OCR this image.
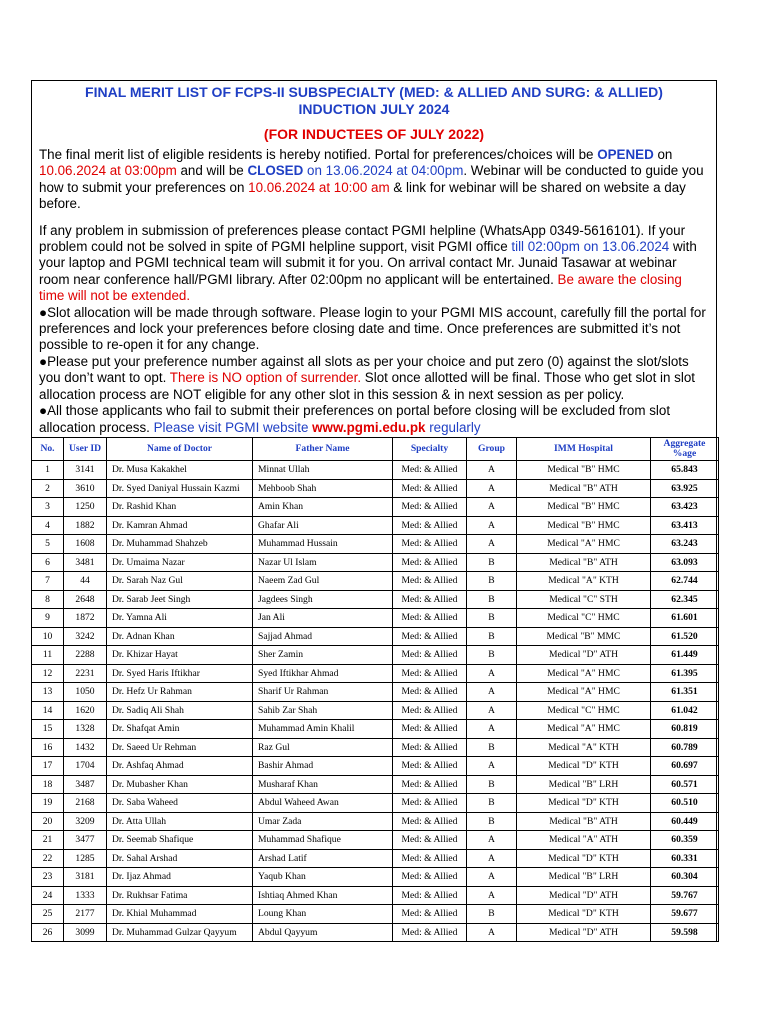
FINAL MERIT LIST OF FCPS-II SUBSPECIALTY (MED: & ALLIED AND SURG: & ALLIED)
INDUCTION JULY 2024
(FOR INDUCTEES OF JULY 2022)
The final merit list of eligible residents is hereby notified. Portal for preferences/choices will be OPENED on 10.06.2024 at 03:00pm and will be CLOSED on 13.06.2024 at 04:00pm. Webinar will be conducted to guide you how to submit your preferences on 10.06.2024 at 10:00 am & link for webinar will be shared on website a day before.
If any problem in submission of preferences please contact PGMI helpline (WhatsApp 0349-5616101). If your problem could not be solved in spite of PGMI helpline support, visit PGMI office till 02:00pm on 13.06.2024 with your laptop and PGMI technical team will submit it for you. On arrival contact Mr. Junaid Tasawar at webinar room near conference hall/PGMI library. After 02:00pm no applicant will be entertained. Be aware the closing time will not be extended.
●Slot allocation will be made through software. Please login to your PGMI MIS account, carefully fill the portal for preferences and lock your preferences before closing date and time. Once preferences are submitted it’s not possible to re-open it for any change.
●Please put your preference number against all slots as per your choice and put zero (0) against the slot/slots you don’t want to opt. There is NO option of surrender. Slot once allotted will be final. Those who get slot in slot allocation process are NOT eligible for any other slot in this session & in next session as per policy.
●All those applicants who fail to submit their preferences on portal before closing will be excluded from slot allocation process. Please visit PGMI website www.pgmi.edu.pk regularly
No.	User ID	Name of Doctor	Father Name	Specialty	Group	IMM Hospital	Aggregate %age
1	3141	Dr. Musa Kakakhel	Minnat Ullah	Med: & Allied	A	Medical "B" HMC	65.843
2	3610	Dr. Syed Daniyal Hussain Kazmi	Mehboob Shah	Med: & Allied	A	Medical "B" ATH	63.925
3	1250	Dr. Rashid Khan	Amin Khan	Med: & Allied	A	Medical "B" HMC	63.423
4	1882	Dr. Kamran Ahmad	Ghafar Ali	Med: & Allied	A	Medical "B" HMC	63.413
5	1608	Dr. Muhammad Shahzeb	Muhammad Hussain	Med: & Allied	A	Medical "A" HMC	63.243
6	3481	Dr. Umaima Nazar	Nazar Ul Islam	Med: & Allied	B	Medical "B" ATH	63.093
7	44	Dr. Sarah Naz Gul	Naeem Zad Gul	Med: & Allied	B	Medical "A" KTH	62.744
8	2648	Dr. Sarab Jeet Singh	Jagdees Singh	Med: & Allied	B	Medical "C" STH	62.345
9	1872	Dr. Yamna Ali	Jan Ali	Med: & Allied	B	Medical "C" HMC	61.601
10	3242	Dr. Adnan Khan	Sajjad Ahmad	Med: & Allied	B	Medical "B" MMC	61.520
11	2288	Dr. Khizar Hayat	Sher Zamin	Med: & Allied	B	Medical "D" ATH	61.449
12	2231	Dr. Syed Haris Iftikhar	Syed Iftikhar Ahmad	Med: & Allied	A	Medical "A" HMC	61.395
13	1050	Dr. Hefz Ur Rahman	Sharif Ur Rahman	Med: & Allied	A	Medical "A" HMC	61.351
14	1620	Dr. Sadiq Ali Shah	Sahib Zar Shah	Med: & Allied	A	Medical "C" HMC	61.042
15	1328	Dr. Shafqat Amin	Muhammad Amin Khalil	Med: & Allied	A	Medical "A" HMC	60.819
16	1432	Dr. Saeed Ur Rehman	Raz Gul	Med: & Allied	B	Medical "A" KTH	60.789
17	1704	Dr. Ashfaq Ahmad	Bashir Ahmad	Med: & Allied	A	Medical "D" KTH	60.697
18	3487	Dr. Mubasher Khan	Musharaf Khan	Med: & Allied	B	Medical "B" LRH	60.571
19	2168	Dr. Saba Waheed	Abdul Waheed Awan	Med: & Allied	B	Medical "D" KTH	60.510
20	3209	Dr. Atta Ullah	Umar Zada	Med: & Allied	B	Medical "B" ATH	60.449
21	3477	Dr. Seemab Shafique	Muhammad Shafique	Med: & Allied	A	Medical "A" ATH	60.359
22	1285	Dr. Sahal Arshad	Arshad Latif	Med: & Allied	A	Medical "D" KTH	60.331
23	3181	Dr. Ijaz Ahmad	Yaqub Khan	Med: & Allied	A	Medical "B" LRH	60.304
24	1333	Dr. Rukhsar Fatima	Ishtiaq Ahmed Khan	Med: & Allied	A	Medical "D" ATH	59.767
25	2177	Dr. Khial Muhammad	Loung Khan	Med: & Allied	B	Medical "D" KTH	59.677
26	3099	Dr. Muhammad Gulzar Qayyum	Abdul Qayyum	Med: & Allied	A	Medical "D" ATH	59.598
